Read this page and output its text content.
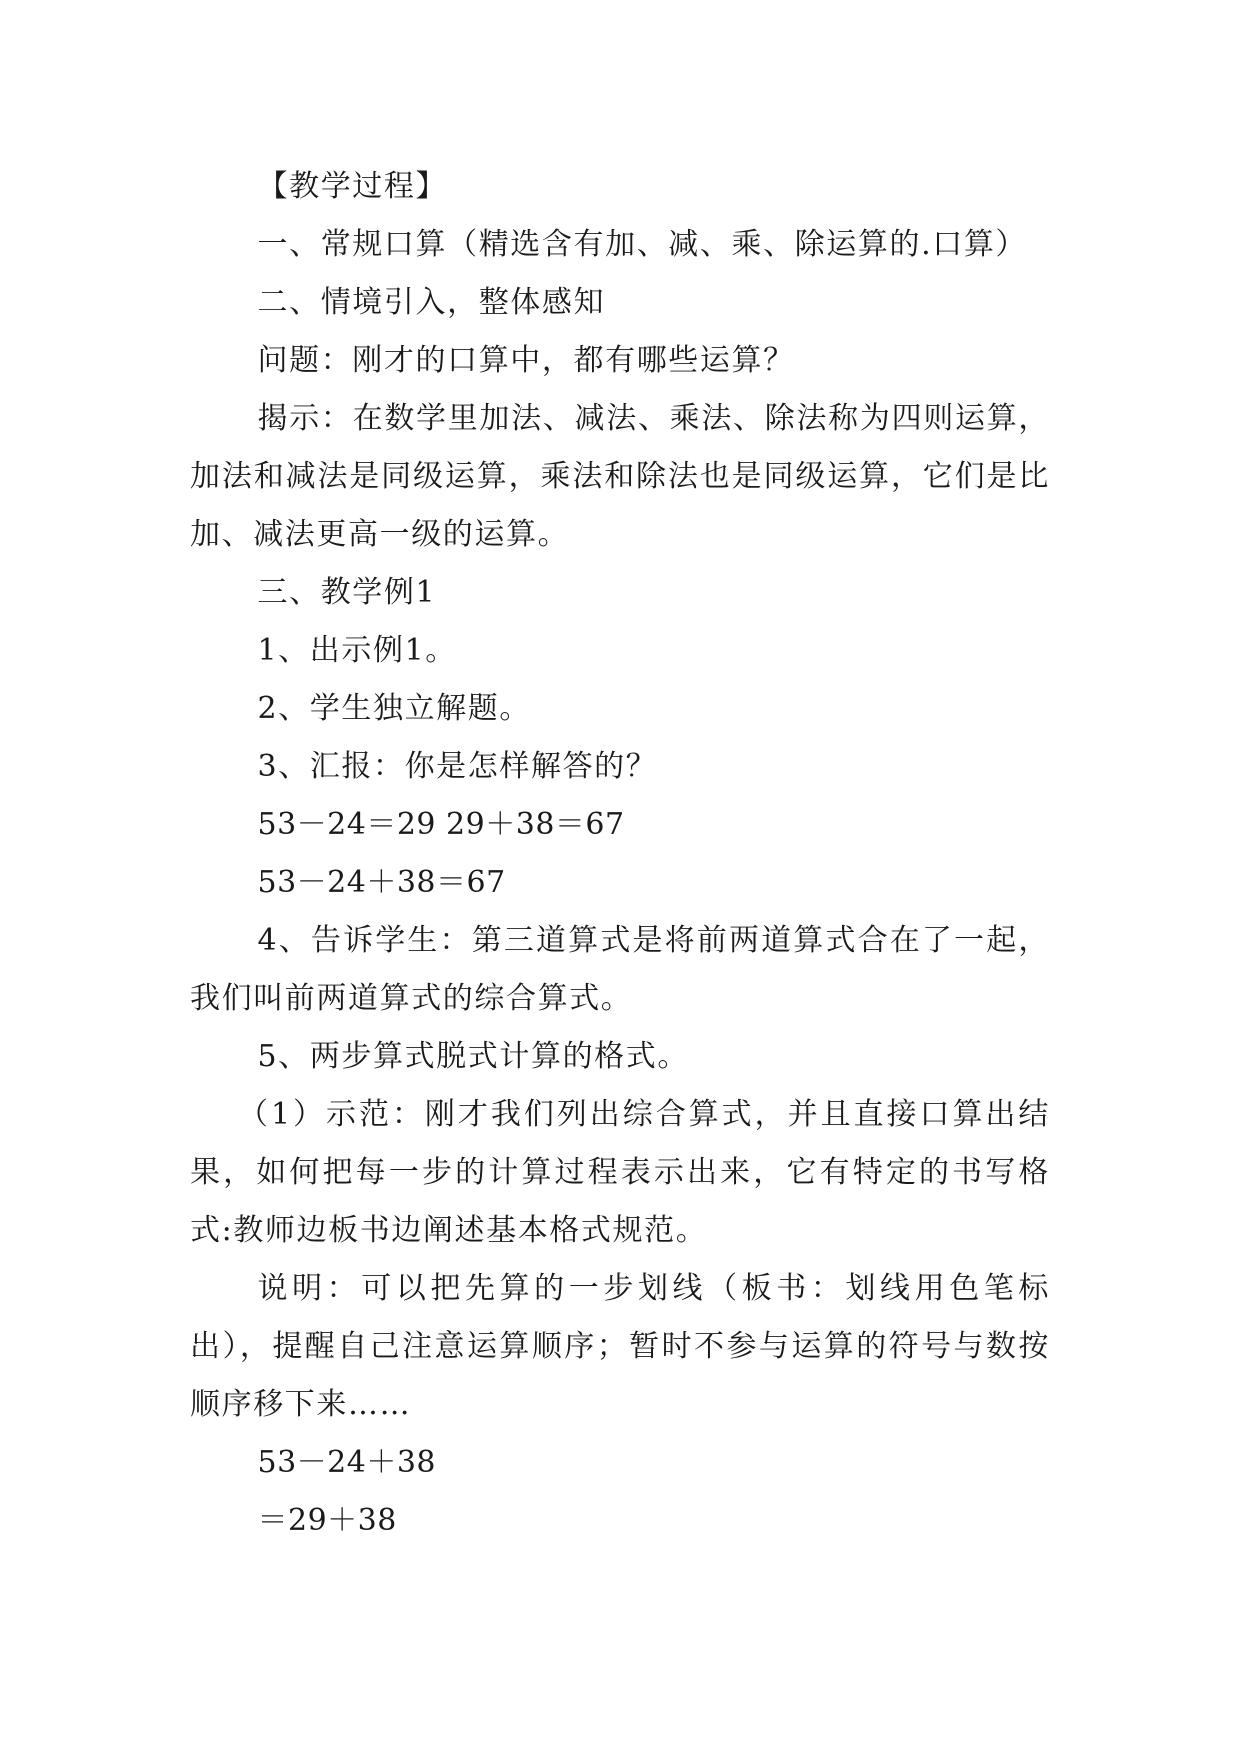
【教学过程】

一、常规口算（精选含有加、减、乘、除运算的.口算）

二、情境引入，整体感知

问题：刚才的口算中，都有哪些运算？

揭示：在数学里加法、减法、乘法、除法称为四则运算，加法和减法是同级运算，乘法和除法也是同级运算，它们是比加、减法更高一级的运算。

三、教学例1

1、出示例1。

2、学生独立解题。

3、汇报：你是怎样解答的？

53－24＝29 29＋38＝67

53－24＋38＝67

4、告诉学生：第三道算式是将前两道算式合在了一起，我们叫前两道算式的综合算式。

5、两步算式脱式计算的格式。

（1）示范：刚才我们列出综合算式，并且直接口算出结果，如何把每一步的计算过程表示出来，它有特定的书写格式:教师边板书边阐述基本格式规范。

说明：可以把先算的一步划线（板书：划线用色笔标出），提醒自己注意运算顺序；暂时不参与运算的符号与数按顺序移下来……

53－24＋38

＝29＋38
